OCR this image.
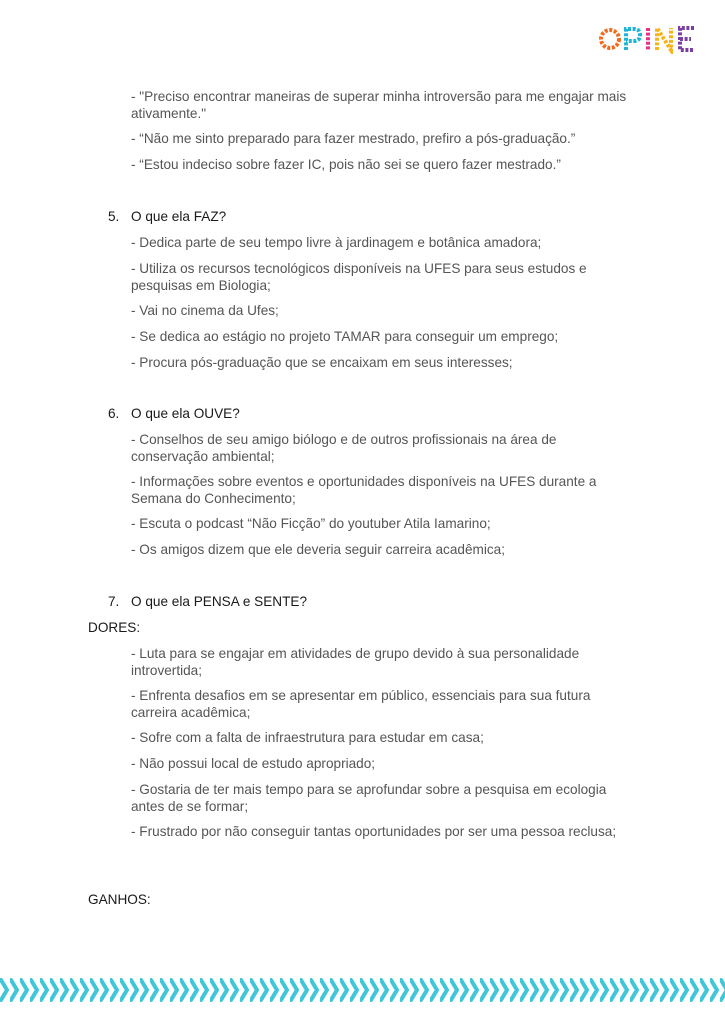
- "Preciso encontrar maneiras de superar minha introversão para me engajar mais ativamente."

- “Não me sinto preparado para fazer mestrado, prefiro a pós-graduação.”

- “Estou indeciso sobre fazer IC, pois não sei se quero fazer mestrado.”

5. O que ela FAZ?

- Dedica parte de seu tempo livre à jardinagem e botânica amadora;

- Utiliza os recursos tecnológicos disponíveis na UFES para seus estudos e pesquisas em Biologia;

- Vai no cinema da Ufes;

- Se dedica ao estágio no projeto TAMAR para conseguir um emprego;

- Procura pós-graduação que se encaixam em seus interesses;

6. O que ela OUVE?

- Conselhos de seu amigo biólogo e de outros profissionais na área de conservação ambiental;

- Informações sobre eventos e oportunidades disponíveis na UFES durante a Semana do Conhecimento;

- Escuta o podcast “Não Ficção” do youtuber Atila Iamarino;

- Os amigos dizem que ele deveria seguir carreira acadêmica;

7. O que ela PENSA e SENTE?

DORES:

- Luta para se engajar em atividades de grupo devido à sua personalidade introvertida;

- Enfrenta desafios em se apresentar em público, essenciais para sua futura carreira acadêmica;

- Sofre com a falta de infraestrutura para estudar em casa;

- Não possui local de estudo apropriado;

- Gostaria de ter mais tempo para se aprofundar sobre a pesquisa em ecologia antes de se formar;

- Frustrado por não conseguir tantas oportunidades por ser uma pessoa reclusa;

GANHOS:
